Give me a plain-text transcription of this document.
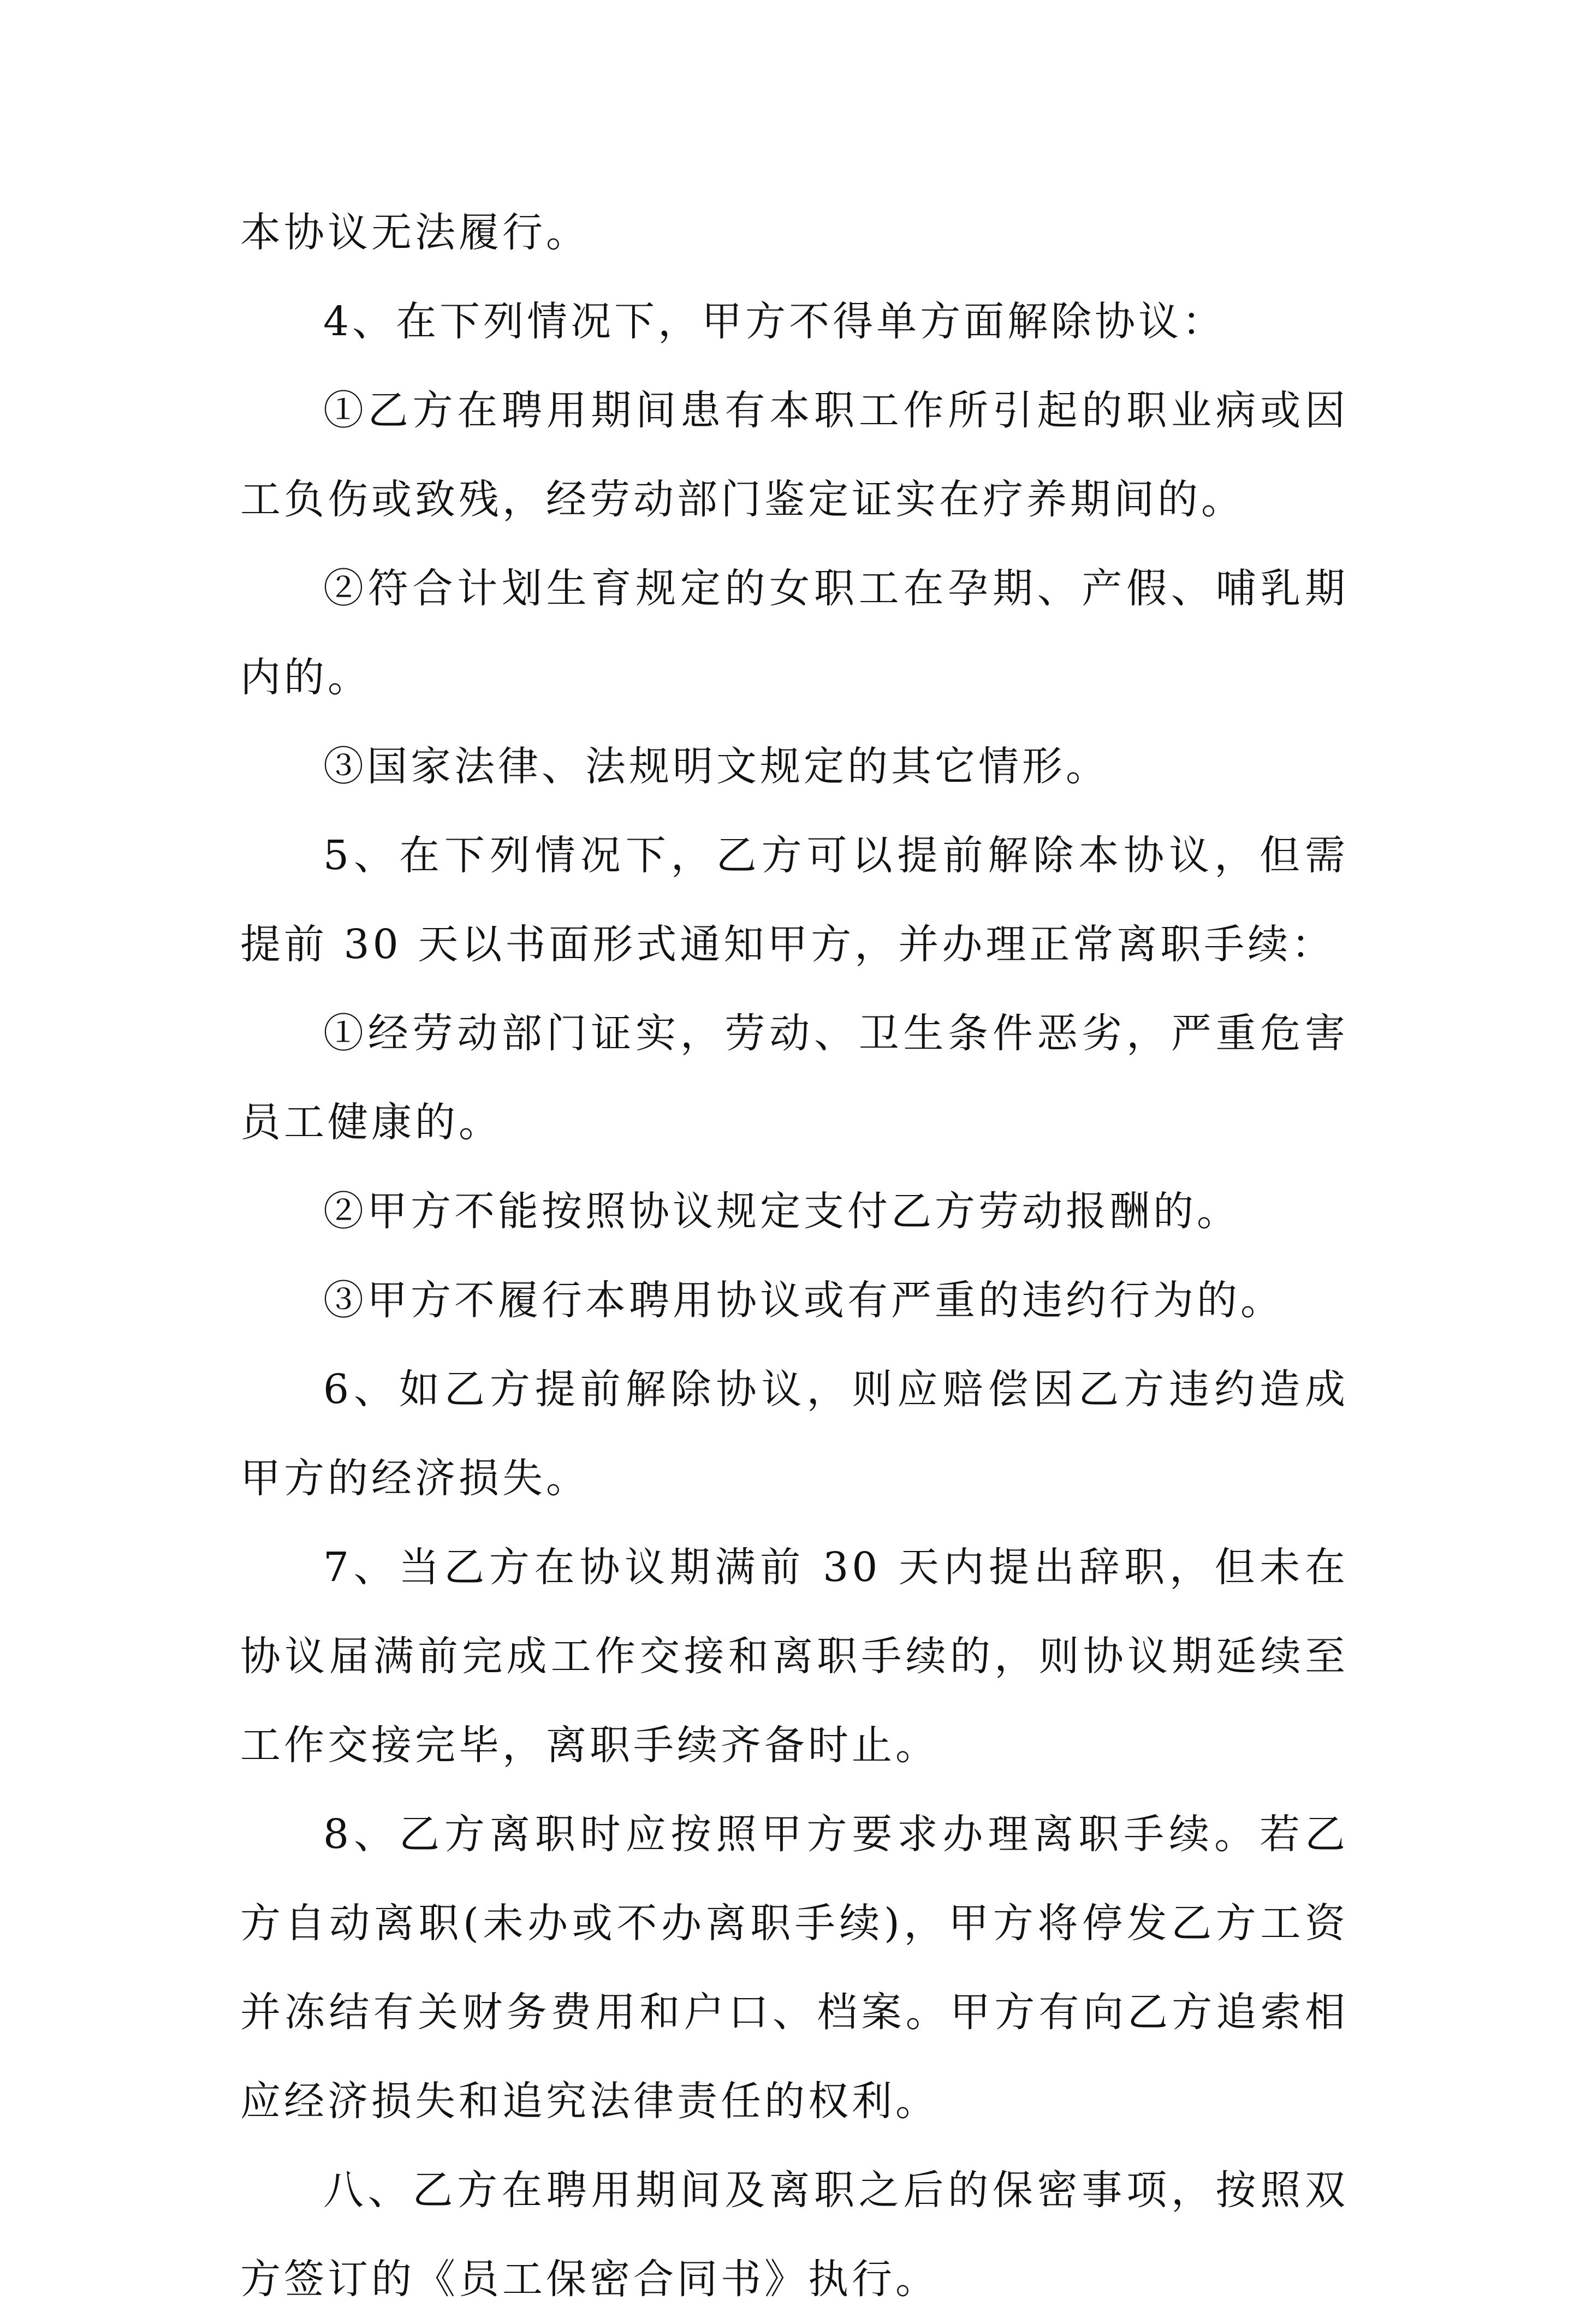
本协议无法履行。

4、在下列情况下，甲方不得单方面解除协议：

①乙方在聘用期间患有本职工作所引起的职业病或因工负伤或致残，经劳动部门鉴定证实在疗养期间的。

②符合计划生育规定的女职工在孕期、产假、哺乳期内的。

③国家法律、法规明文规定的其它情形。

5、在下列情况下，乙方可以提前解除本协议，但需提前 30 天以书面形式通知甲方，并办理正常离职手续：

①经劳动部门证实，劳动、卫生条件恶劣，严重危害员工健康的。

②甲方不能按照协议规定支付乙方劳动报酬的。

③甲方不履行本聘用协议或有严重的违约行为的。

6、如乙方提前解除协议，则应赔偿因乙方违约造成甲方的经济损失。

7、当乙方在协议期满前 30 天内提出辞职，但未在协议届满前完成工作交接和离职手续的，则协议期延续至工作交接完毕，离职手续齐备时止。

8、乙方离职时应按照甲方要求办理离职手续。若乙方自动离职(未办或不办离职手续)，甲方将停发乙方工资并冻结有关财务费用和户口、档案。甲方有向乙方追索相应经济损失和追究法律责任的权利。

八、乙方在聘用期间及离职之后的保密事项，按照双方签订的《员工保密合同书》执行。
